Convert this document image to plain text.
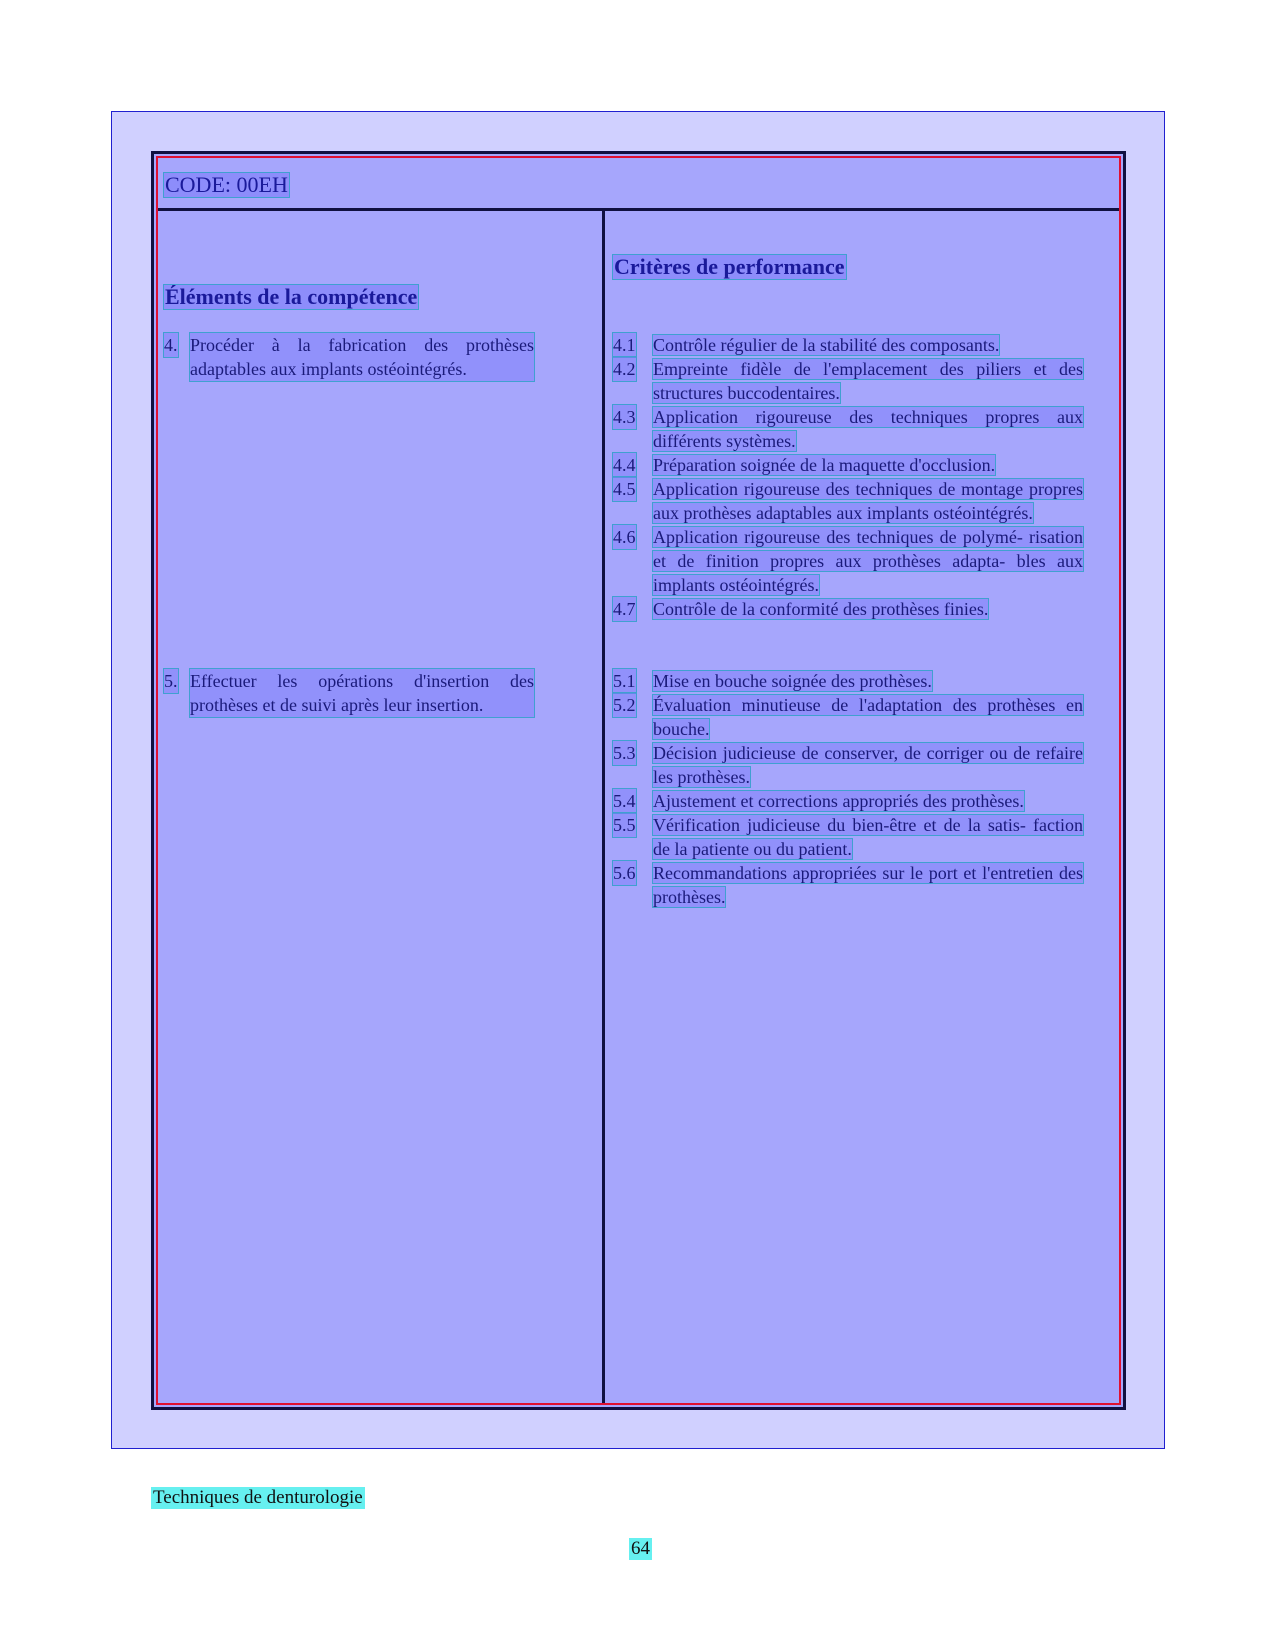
CODE: 00EH
Éléments de la compétence
Critères de performance
4. Procéder à la fabrication des prothèses adaptables aux implants ostéointégrés.
5. Effectuer les opérations d'insertion des prothèses et de suivi après leur insertion.
4.1 Contrôle régulier de la stabilité des composants.
4.2 Empreinte fidèle de l'emplacement des piliers et des structures buccodentaires.
4.3 Application rigoureuse des techniques propres aux différents systèmes.
4.4 Préparation soignée de la maquette d'occlusion.
4.5 Application rigoureuse des techniques de montage propres aux prothèses adaptables aux implants ostéointégrés.
4.6 Application rigoureuse des techniques de polymé- risation et de finition propres aux prothèses adapta- bles aux implants ostéointégrés.
4.7 Contrôle de la conformité des prothèses finies.
5.1 Mise en bouche soignée des prothèses.
5.2 Évaluation minutieuse de l'adaptation des prothèses en bouche.
5.3 Décision judicieuse de conserver, de corriger ou de refaire les prothèses.
5.4 Ajustement et corrections appropriés des prothèses.
5.5 Vérification judicieuse du bien-être et de la satis- faction de la patiente ou du patient.
5.6 Recommandations appropriées sur le port et l'entretien des prothèses.
Techniques de denturologie
64
